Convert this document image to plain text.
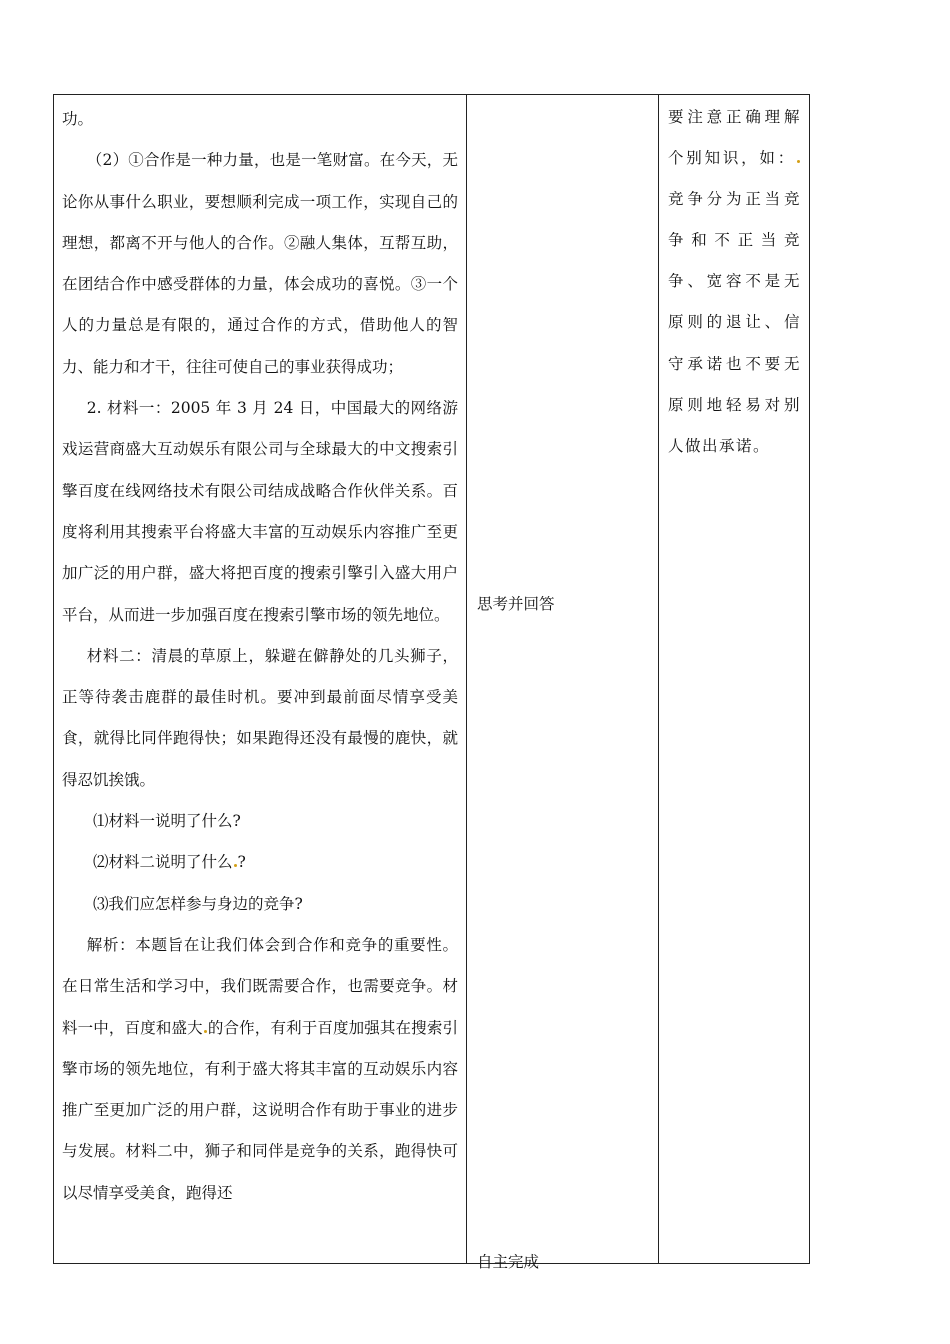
功。

（2）①合作是一种力量，也是一笔财富。在今天，无论你从事什么职业，要想顺利完成一项工作，实现自己的理想，都离不开与他人的合作。②融人集体，互帮互助，在团结合作中感受群体的力量，体会成功的喜悦。③一个人的力量总是有限的，通过合作的方式，借助他人的智力、能力和才干，往往可使自己的事业获得成功；

2. 材料一：2005 年 3 月 24 日，中国最大的网络游戏运营商盛大互动娱乐有限公司与全球最大的中文搜索引擎百度在线网络技术有限公司结成战略合作伙伴关系。百度将利用其搜索平台将盛大丰富的互动娱乐内容推广至更加广泛的用户群，盛大将把百度的搜索引擎引入盛大用户平台，从而进一步加强百度在搜索引擎市场的领先地位。

材料二：清晨的草原上，躲避在僻静处的几头狮子，正等待袭击鹿群的最佳时机。要冲到最前面尽情享受美食，就得比同伴跑得快；如果跑得还没有最慢的鹿快，就得忍饥挨饿。

⑴材料一说明了什么?

⑵材料二说明了什么 ?

⑶我们应怎样参与身边的竞争?

解析：本题旨在让我们体会到合作和竞争的重要性。在日常生活和学习中，我们既需要合作，也需要竞争。材料一中，百度和盛大 的合作，有利于百度加强其在搜索引擎市场的领先地位，有利于盛大将其丰富的互动娱乐内容推广至更加广泛的用户群，这说明合作有助于事业的进步与发展。材料二中，狮子和同伴是竞争的关系，跑得快可以尽情享受美食，跑得还

思考并回答
自主完成
要注意正确理解个别知识，如：竞争分为正当竞争和不正当竞争、宽容不是无原则的退让、信守承诺也不要无原则地轻易对别人做出承诺。
